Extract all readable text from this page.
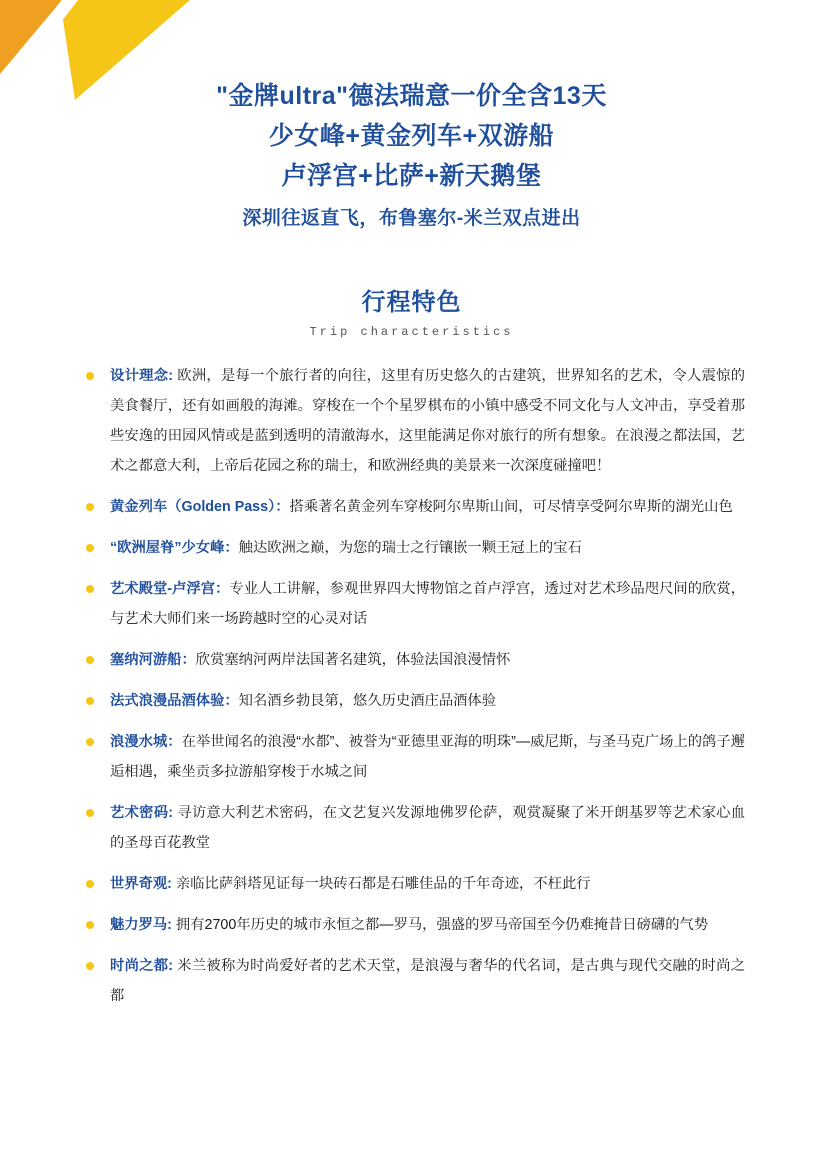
"金牌ultra"德法瑞意一价全含13天
少女峰+黄金列车+双游船
卢浮宫+比萨+新天鹅堡
深圳往返直飞，布鲁塞尔-米兰双点进出
行程特色
Trip characteristics
设计理念: 欧洲，是每一个旅行者的向往，这里有历史悠久的古建筑，世界知名的艺术，令人震惊的美食餐厅，还有如画般的海滩。穿梭在一个个星罗棋布的小镇中感受不同文化与人文冲击，享受着那些安逸的田园风情或是蓝到透明的清澈海水，这里能满足你对旅行的所有想象。在浪漫之都法国，艺术之都意大利，上帝后花园之称的瑞士，和欧洲经典的美景来一次深度碰撞吧！
黄金列车（Golden Pass）：搭乘著名黄金列车穿梭阿尔卑斯山间，可尽情享受阿尔卑斯的湖光山色
“欧洲屋脊”少女峰：触达欧洲之巅，为您的瑞士之行镶嵌一颗王冠上的宝石
艺术殿堂-卢浮宫：专业人工讲解，参观世界四大博物馆之首卢浮宫，透过对艺术珍品咫尺间的欣赏，与艺术大师们来一场跨越时空的心灵对话
塞纳河游船：欣赏塞纳河两岸法国著名建筑，体验法国浪漫情怀
法式浪漫品酒体验：知名酒乡勃艮第，悠久历史酒庄品酒体验
浪漫水城：在举世闻名的浪漫“水都”、被誉为“亚德里亚海的明珠”—威尼斯，与圣马克广场上的鸽子邂逅相遇，乘坐贡多拉游船穿梭于水城之间
艺术密码: 寻访意大利艺术密码，在文艺复兴发源地佛罗伦萨，观赏凝聚了米开朗基罗等艺术家心血的圣母百花教堂
世界奇观: 亲临比萨斜塔见证每一块砖石都是石雕佳品的千年奇迹，不枉此行
魅力罗马: 拥有2700年历史的城市永恒之都—罗马，强盛的罗马帝国至今仍难掩昔日磅礴的气势
时尚之都: 米兰被称为时尚爱好者的艺术天堂，是浪漫与奢华的代名词，是古典与现代交融的时尚之都
